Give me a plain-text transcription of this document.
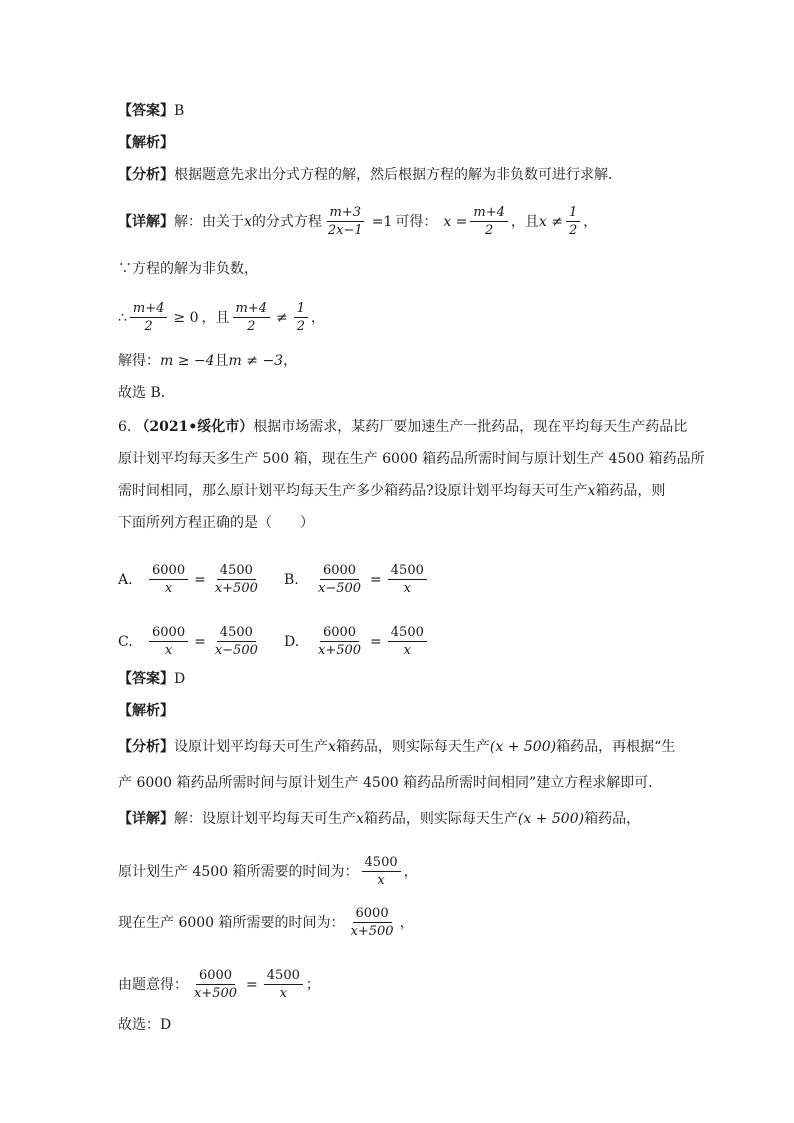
【答案】 B
【解析】
【分析】 根据题意先求出分式方程的解，然后根据方程的解为非负数可进行求解．
【详解】 解：由关于 x 的分式方程 $\frac{m+3}{2x-1} =1$ 可得： $x = \frac{m+4}{2}$ ，且 $x \ne \frac{1}{2}$ ，
∵方程的解为非负数，
∴ $\frac{m+4}{2} \ge 0$ ，且 $\frac{m+4}{2} \ne \frac{1}{2}$ ，
解得： m ≥ −4 且 m ≠ −3 ，
故选 B．
6. （2021•绥化市） 根据市场需求，某药厂要加速生产一批药品，现在平均每天生产药品比
原计划平均每天多生产 500 箱，现在生产 6000 箱药品所需时间与原计划生产 4500 箱药品所
需时间相同，那么原计划平均每天生产多少箱药品?设原计划平均每天可生产 x 箱药品，则
下面所列方程正确的是（　　）
A.	$\frac{6000}{x} = \frac{4500}{x+500} B$.	$\frac{6000}{x-500} = \frac{4500}{x}$
C.	$\frac{6000}{x} = \frac{4500}{x-500} D$.	$\frac{6000}{x+500} = \frac{4500}{x}$
【答案】 D
【解析】
【分析】 设原计划平均每天可生产 x 箱药品，则实际每天生产 (x + 500) 箱药品，再根据“生
产 6000 箱药品所需时间与原计划生产 4500 箱药品所需时间相同”建立方程求解即可．
【详解】 解：设原计划平均每天可生产 x 箱药品，则实际每天生产 (x + 500) 箱药品，
原计划生产 4500 箱所需要的时间为： $\frac{4500}{x}$ ，
现在生产 6000 箱所需要的时间为： $\frac{6000}{x+500}$ ，
由题意得： $\frac{6000}{x+500} = \frac{4500}{x}$ ；
故选：D
